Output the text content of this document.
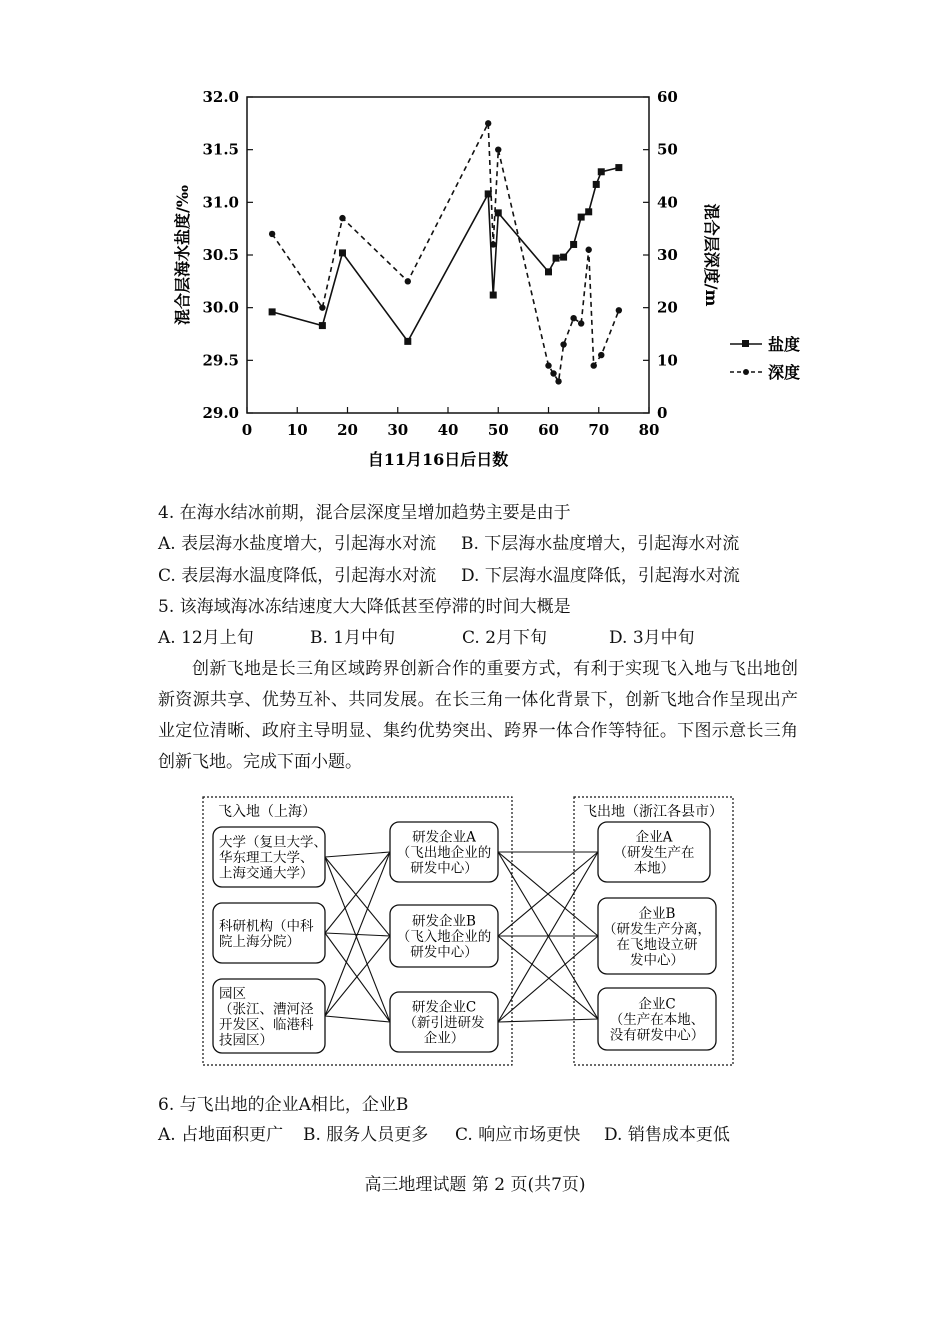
32.0
31.5
31.0
30.5
30.0
29.5
29.0
60
50
40
30
20
10
0
0 10 20 30 40 50 60 70 80
混合层海水盐度/‰	混合层深度/m
自11月16日后日数
盐度
深度
4. 在海水结冰前期，混合层深度呈增加趋势主要是由于
A. 表层海水盐度增大，引起海水对流 B. 下层海水盐度增大，引起海水对流
C. 表层海水温度降低，引起海水对流 D. 下层海水温度降低，引起海水对流
5. 该海域海冰冻结速度大大降低甚至停滞的时间大概是
A. 12月上旬	B. 1月中旬	C. 2月下旬	D. 3月中旬
创新飞地是长三角区域跨界创新合作的重要方式，有利于实现飞入地与飞出地创新资源共享、优势互补、共同发展。在长三角一体化背景下，创新飞地合作呈现出产业定位清晰、政府主导明显、集约优势突出、跨界一体合作等特征。下图示意长三角创新飞地。完成下面小题。
飞入地（上海）	飞出地（浙江各县市）
大学（复旦大学、
华东理工大学、
上海交通大学）
科研机构（中科
院上海分院）
园区
（张江、漕河泾
开发区、临港科
技园区）
研发企业A
（飞出地企业的
研发中心）
研发企业B
（飞入地企业的
研发中心）
研发企业C
（新引进研发
企业）
企业A
（研发生产在
本地）
企业B
（研发生产分离，
在飞地设立研
发中心）
企业C
（生产在本地、
没有研发中心）
6. 与飞出地的企业A相比，企业B
A. 占地面积更广 B. 服务人员更多 C. 响应市场更快 D. 销售成本更低
高三地理试题 第 2 页(共7页)
